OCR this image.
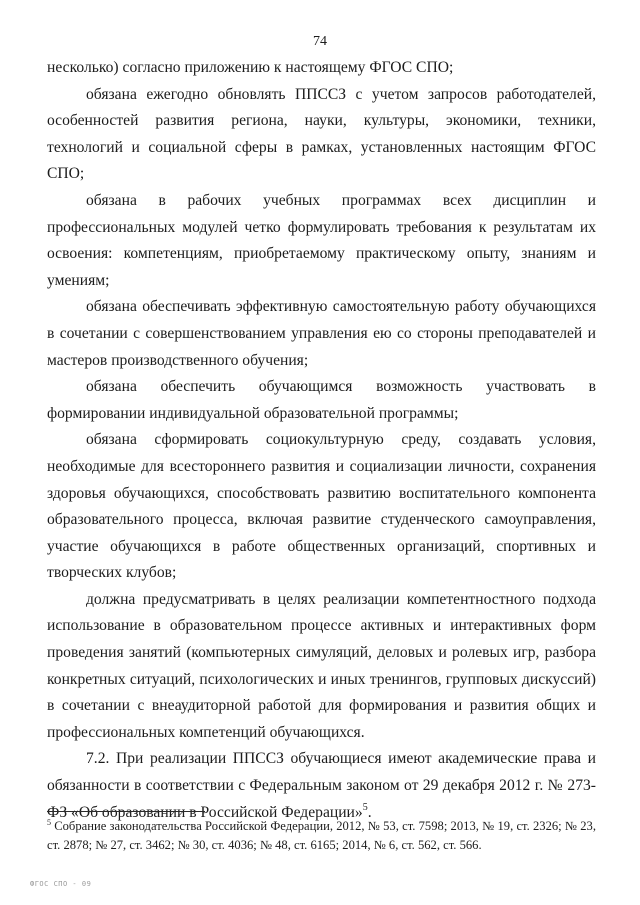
74

несколько) согласно приложению к настоящему ФГОС СПО;

обязана ежегодно обновлять ППССЗ с учетом запросов работодателей, особенностей развития региона, науки, культуры, экономики, техники, технологий и социальной сферы в рамках, установленных настоящим ФГОС СПО;

обязана в рабочих учебных программах всех дисциплин и профессиональных модулей четко формулировать требования к результатам их освоения: компетенциям, приобретаемому практическому опыту, знаниям и умениям;

обязана обеспечивать эффективную самостоятельную работу обучающихся в сочетании с совершенствованием управления ею со стороны преподавателей и мастеров производственного обучения;

обязана обеспечить обучающимся возможность участвовать в формировании индивидуальной образовательной программы;

обязана сформировать социокультурную среду, создавать условия, необходимые для всестороннего развития и социализации личности, сохранения здоровья обучающихся, способствовать развитию воспитательного компонента образовательного процесса, включая развитие студенческого самоуправления, участие обучающихся в работе общественных организаций, спортивных и творческих клубов;

должна предусматривать в целях реализации компетентностного подхода использование в образовательном процессе активных и интерактивных форм проведения занятий (компьютерных симуляций, деловых и ролевых игр, разбора конкретных ситуаций, психологических и иных тренингов, групповых дискуссий) в сочетании с внеаудиторной работой для формирования и развития общих и профессиональных компетенций обучающихся.

7.2. При реализации ППССЗ обучающиеся имеют академические права и обязанности в соответствии с Федеральным законом от 29 декабря 2012 г. № 273-ФЗ «Об образовании в Российской Федерации»$^5$.

$^5$ Собрание законодательства Российской Федерации, 2012, № 53, ст. 7598; 2013, № 19, ст. 2326; № 23, ст. 2878; № 27, ст. 3462; № 30, ст. 4036; № 48, ст. 6165; 2014, № 6, ст. 562, ст. 566.
ФГОС СПО - 09
